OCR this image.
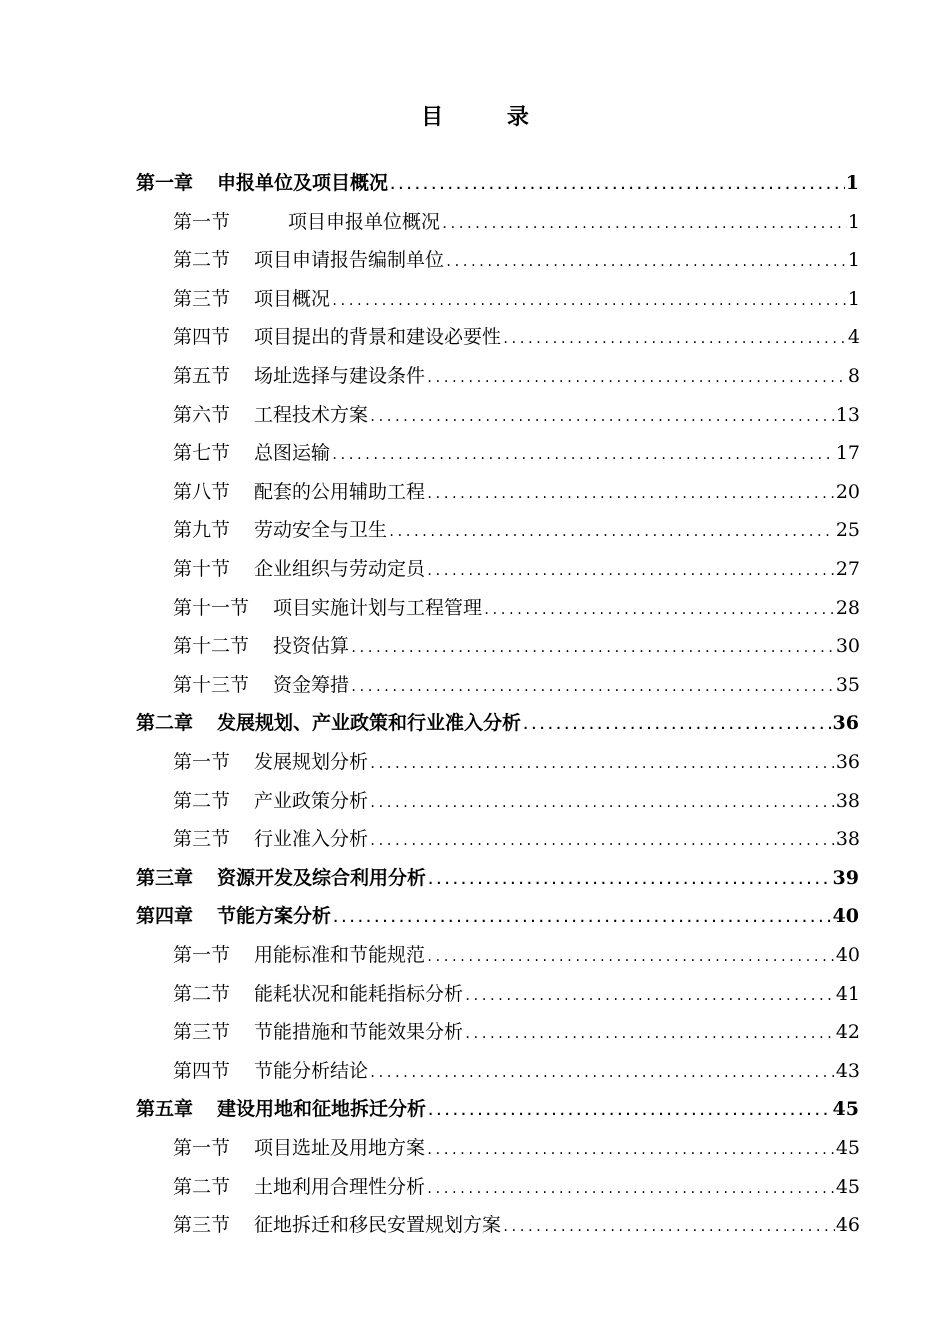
目 录
第一章 申报单位及项目概况 .....	1
第一节	项目申报单位概况 .....	1
第二节 项目申请报告编制单位 .....	1
第三节 项目概况 .....	1
第四节 项目提出的背景和建设必要性 .....	4
第五节 场址选择与建设条件 .....	8
第六节 工程技术方案 .....	13
第七节 总图运输 .....	17
第八节 配套的公用辅助工程 .....	20
第九节 劳动安全与卫生 .....	25
第十节 企业组织与劳动定员 .....	27
第十一节 项目实施计划与工程管理 .....	28
第十二节 投资估算 .....	30
第十三节 资金筹措 .....	35
第二章 发展规划、产业政策和行业准入分析 .....	36
第一节 发展规划分析 .....	36
第二节 产业政策分析 .....	38
第三节 行业准入分析 .....	38
第三章 资源开发及综合利用分析 .....	39
第四章 节能方案分析 .....	40
第一节 用能标准和节能规范 .....	40
第二节 能耗状况和能耗指标分析 .....	41
第三节 节能措施和节能效果分析 .....	42
第四节 节能分析结论 .....	43
第五章 建设用地和征地拆迁分析 .....	45
第一节 项目选址及用地方案 .....	45
第二节 土地利用合理性分析 .....	45
第三节 征地拆迁和移民安置规划方案 .....	46
